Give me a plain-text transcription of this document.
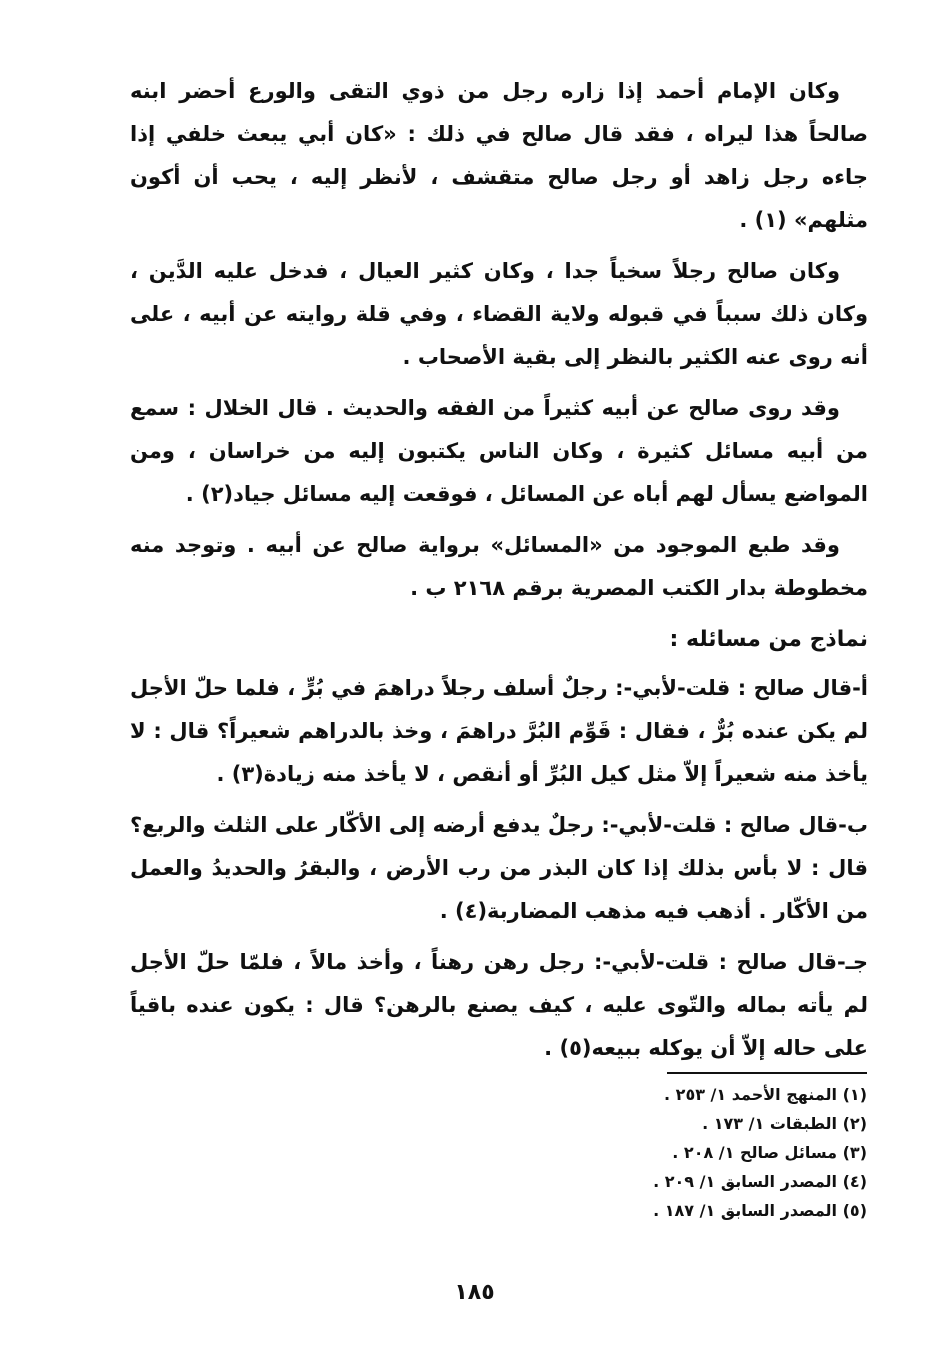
وكان الإمام أحمد إذا زاره رجل من ذوي التقى والورع أحضر ابنه صالحاً هذا ليراه ، فقد قال صالح في ذلك : «كان أبي يبعث خلفي إذا جاءه رجل زاهد أو رجل صالح متقشف ، لأنظر إليه ، يحب أن أكون مثلهم» (١) .

وكان صالح رجلاً سخياً جدا ، وكان كثير العيال ، فدخل عليه الدَّين ، وكان ذلك سبباً في قبوله ولاية القضاء ، وفي قلة روايته عن أبيه ، على أنه روى عنه الكثير بالنظر إلى بقية الأصحاب .

وقد روى صالح عن أبيه كثيراً من الفقه والحديث . قال الخلال : سمع من أبيه مسائل كثيرة ، وكان الناس يكتبون إليه من خراسان ، ومن المواضع يسأل لهم أباه عن المسائل ، فوقعت إليه مسائل جياد(٢) .

وقد طبع الموجود من «المسائل» برواية صالح عن أبيه . وتوجد منه مخطوطة بدار الكتب المصرية برقم ٢١٦٨ ب .

نماذج من مسائله :

أ-قال صالح : قلت-لأبي-: رجلٌ أسلف رجلاً دراهمَ في بُرٍّ ، فلما حلّ الأجل لم يكن عنده بُرٌّ ، فقال : قَوِّم البُرَّ دراهمَ ، وخذ بالدراهم شعيراً؟ قال : لا يأخذ منه شعيراً إلاّ مثل كيل البُرِّ أو أنقص ، لا يأخذ منه زيادة(٣) .

ب-قال صالح : قلت-لأبي-: رجلٌ يدفع أرضه إلى الأكّار على الثلث والربع؟ قال : لا بأس بذلك إذا كان البذر من رب الأرض ، والبقرُ والحديدُ والعمل من الأكّار . أذهب فيه مذهب المضاربة(٤) .

جـ-قال صالح : قلت-لأبي-: رجل رهن رهناً ، وأخذ مالاً ، فلمّا حلّ الأجل لم يأته بماله والتّوى عليه ، كيف يصنع بالرهن؟ قال : يكون عنده باقياً على حاله إلاّ أن يوكله ببيعه(٥) .

(١) المنهج الأحمد ١/ ٢٥٣ .
(٢) الطبقات ١/ ١٧٣ .
(٣) مسائل صالح ١/ ٢٠٨ .
(٤) المصدر السابق ١/ ٢٠٩ .
(٥) المصدر السابق ١/ ١٨٧ .
١٨٥
